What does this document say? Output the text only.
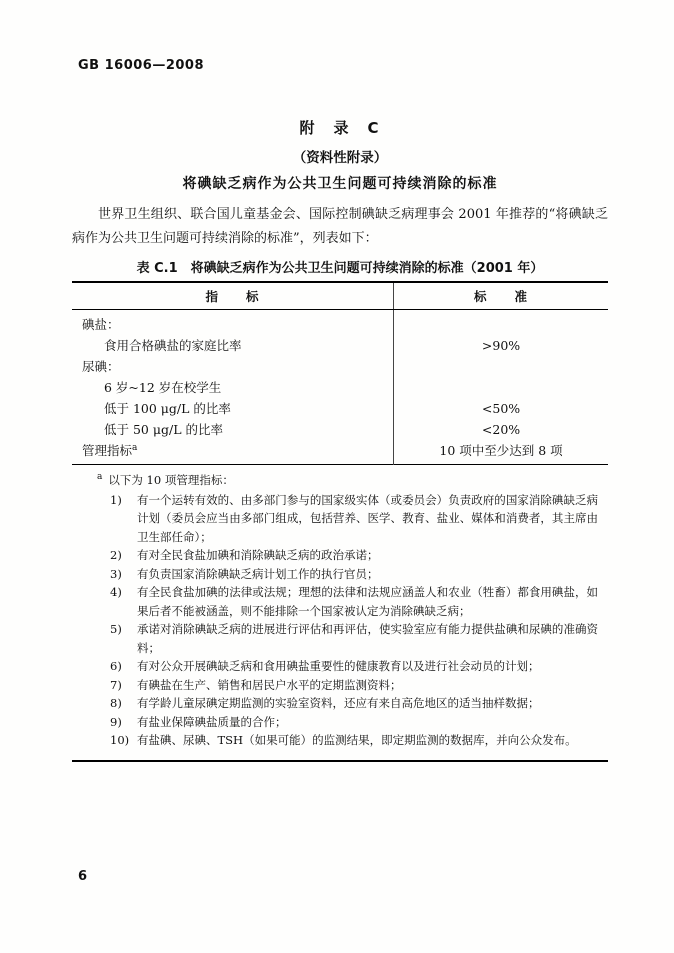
GB 16006—2008
附　录　C
（资料性附录）
将碘缺乏病作为公共卫生问题可持续消除的标准

世界卫生组织、联合国儿童基金会、国际控制碘缺乏病理事会 2001 年推荐的“将碘缺乏病作为公共卫生问题可持续消除的标准”，列表如下：

表 C.1　将碘缺乏病作为公共卫生问题可持续消除的标准（2001 年）
指　　标	标　　准
碘盐：	
食用合格碘盐的家庭比率	>90%
尿碘：	
6 岁~12 岁在校学生	
低于 100 μg/L 的比率	<50%
低于 50 μg/L 的比率	<20%
管理指标$^a$	10 项中至少达到 8 项

$^a$ 以下为 10 项管理指标：

1)	有一个运转有效的、由多部门参与的国家级实体（或委员会）负责政府的国家消除碘缺乏病计划（委员会应当由多部门组成，包括营养、医学、教育、盐业、媒体和消费者，其主席由卫生部任命）；
2)	有对全民食盐加碘和消除碘缺乏病的政治承诺；
3)	有负责国家消除碘缺乏病计划工作的执行官员；
4)	有全民食盐加碘的法律或法规；理想的法律和法规应涵盖人和农业（牲畜）都食用碘盐，如果后者不能被涵盖，则不能排除一个国家被认定为消除碘缺乏病；
5)	承诺对消除碘缺乏病的进展进行评估和再评估，使实验室应有能力提供盐碘和尿碘的准确资料；
6)	有对公众开展碘缺乏病和食用碘盐重要性的健康教育以及进行社会动员的计划；
7)	有碘盐在生产、销售和居民户水平的定期监测资料；
8)	有学龄儿童尿碘定期监测的实验室资料，还应有来自高危地区的适当抽样数据；
9)	有盐业保障碘盐质量的合作；
10) 有盐碘、尿碘、TSH（如果可能）的监测结果，即定期监测的数据库，并向公众发布。
6
